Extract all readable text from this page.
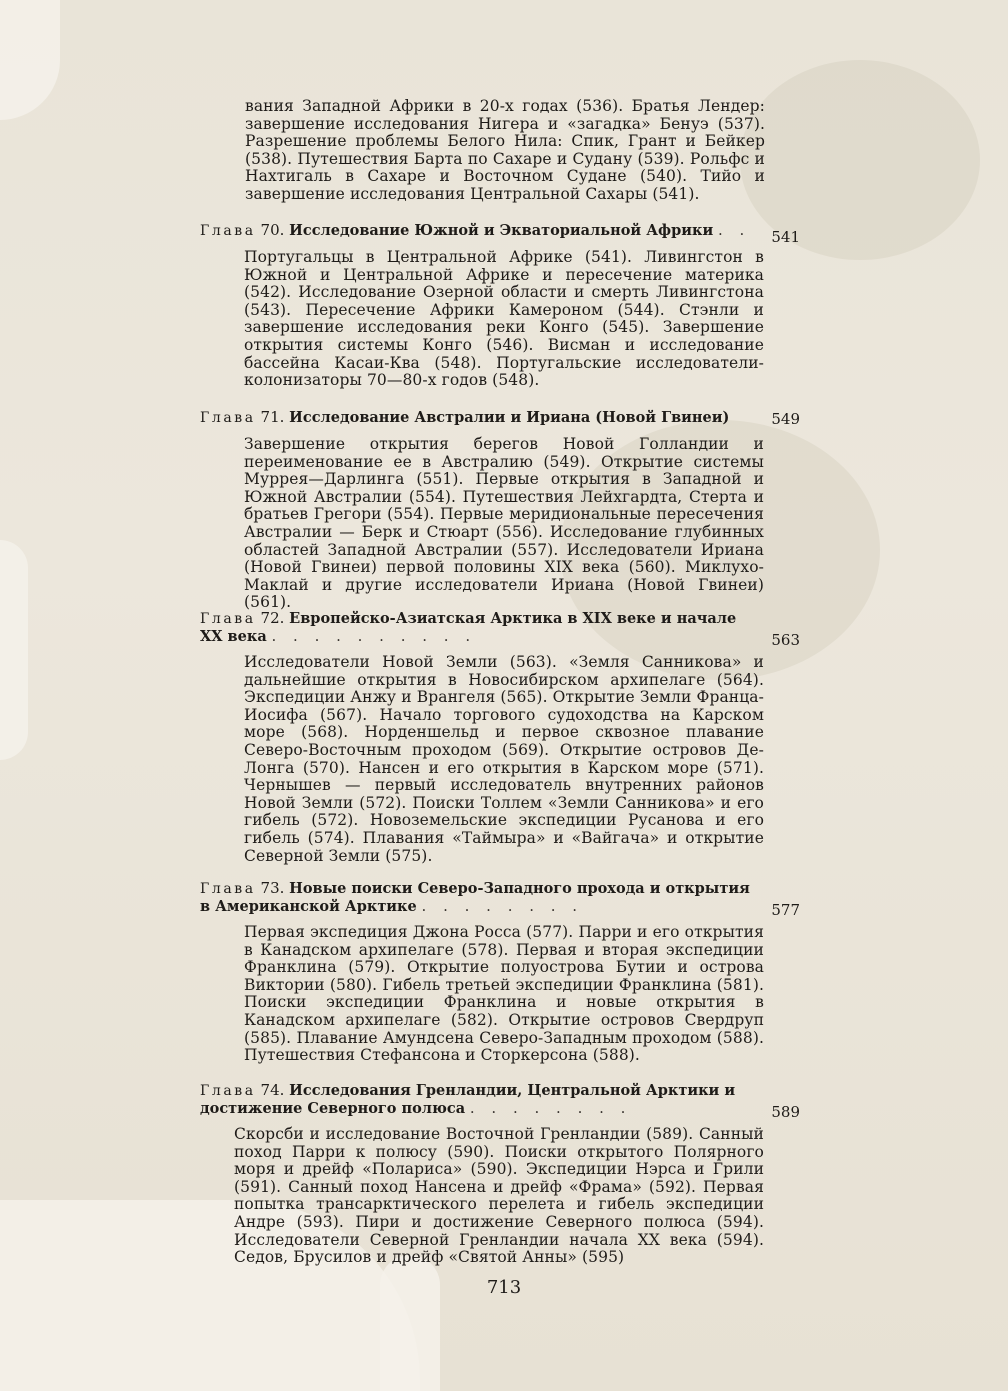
вания Западной Африки в 20-х годах (536). Братья Лендер: завершение исследования Нигера и «загадка» Бенуэ (537). Разрешение проблемы Белого Нила: Спик, Грант и Бейкер (538). Путешествия Барта по Сахаре и Судану (539). Рольфс и Нахтигаль в Сахаре и Восточном Судане (540). Тийо и завершение исследования Центральной Сахары (541).

Глава 70. Исследование Южной и Экваториальной Африки . . 541

Португальцы в Центральной Африке (541). Ливингстон в Южной и Центральной Африке и пересечение материка (542). Исследование Озерной области и смерть Ливингстона (543). Пересечение Африки Камероном (544). Стэнли и завершение исследования реки Конго (545). Завершение открытия системы Конго (546). Висман и исследование бассейна Касаи-Ква (548). Португальские исследователи-колонизаторы 70—80-х годов (548).

Глава 71. Исследование Австралии и Ириана (Новой Гвинеи)	549

Завершение открытия берегов Новой Голландии и переименование ее в Австралию (549). Открытие системы Муррея—Дарлинга (551). Первые открытия в Западной и Южной Австралии (554). Путешествия Лейхгардта, Стерта и братьев Грегори (554). Первые меридиональные пересечения Австралии — Берк и Стюарт (556). Исследование глубинных областей Западной Австралии (557). Исследователи Ириана (Новой Гвинеи) первой половины XIX века (560). Миклухо-Маклай и другие исследователи Ириана (Новой Гвинеи) (561).

Глава 72. Европейско-Азиатская Арктика в XIX веке и начале XX века . . . . . . . . . .	563

Исследователи Новой Земли (563). «Земля Санникова» и дальнейшие открытия в Новосибирском архипелаге (564). Экспедиции Анжу и Врангеля (565). Открытие Земли Франца-Иосифа (567). Начало торгового судоходства на Карском море (568). Норденшельд и первое сквозное плавание Северо-Восточным проходом (569). Открытие островов Де-Лонга (570). Нансен и его открытия в Карском море (571). Чернышев — первый исследователь внутренних районов Новой Земли (572). Поиски Толлем «Земли Санникова» и его гибель (572). Новоземельские экспедиции Русанова и его гибель (574). Плавания «Таймыра» и «Вайгача» и открытие Северной Земли (575).

Глава 73. Новые поиски Северо-Западного прохода и открытия в Американской Арктике . . . . . . . .	577

Первая экспедиция Джона Росса (577). Парри и его открытия в Канадском архипелаге (578). Первая и вторая экспедиции Франклина (579). Открытие полуострова Бутии и острова Виктории (580). Гибель третьей экспедиции Франклина (581). Поиски экспедиции Франклина и новые открытия в Канадском архипелаге (582). Открытие островов Свердруп (585). Плавание Амундсена Северо-Западным проходом (588). Путешествия Стефансона и Сторкерсона (588).

Глава 74. Исследования Гренландии, Центральной Арктики и достижение Северного полюса . . . . . . . .	589

Скорсби и исследование Восточной Гренландии (589). Санный поход Парри к полюсу (590). Поиски открытого Полярного моря и дрейф «Полариса» (590). Экспедиции Нэрса и Грили (591). Санный поход Нансена и дрейф «Фрама» (592). Первая попытка трансарктического перелета и гибель экспедиции Андре (593). Пири и достижение Северного полюса (594). Исследователи Северной Гренландии начала XX века (594). Седов, Брусилов и дрейф «Святой Анны» (595)

713
